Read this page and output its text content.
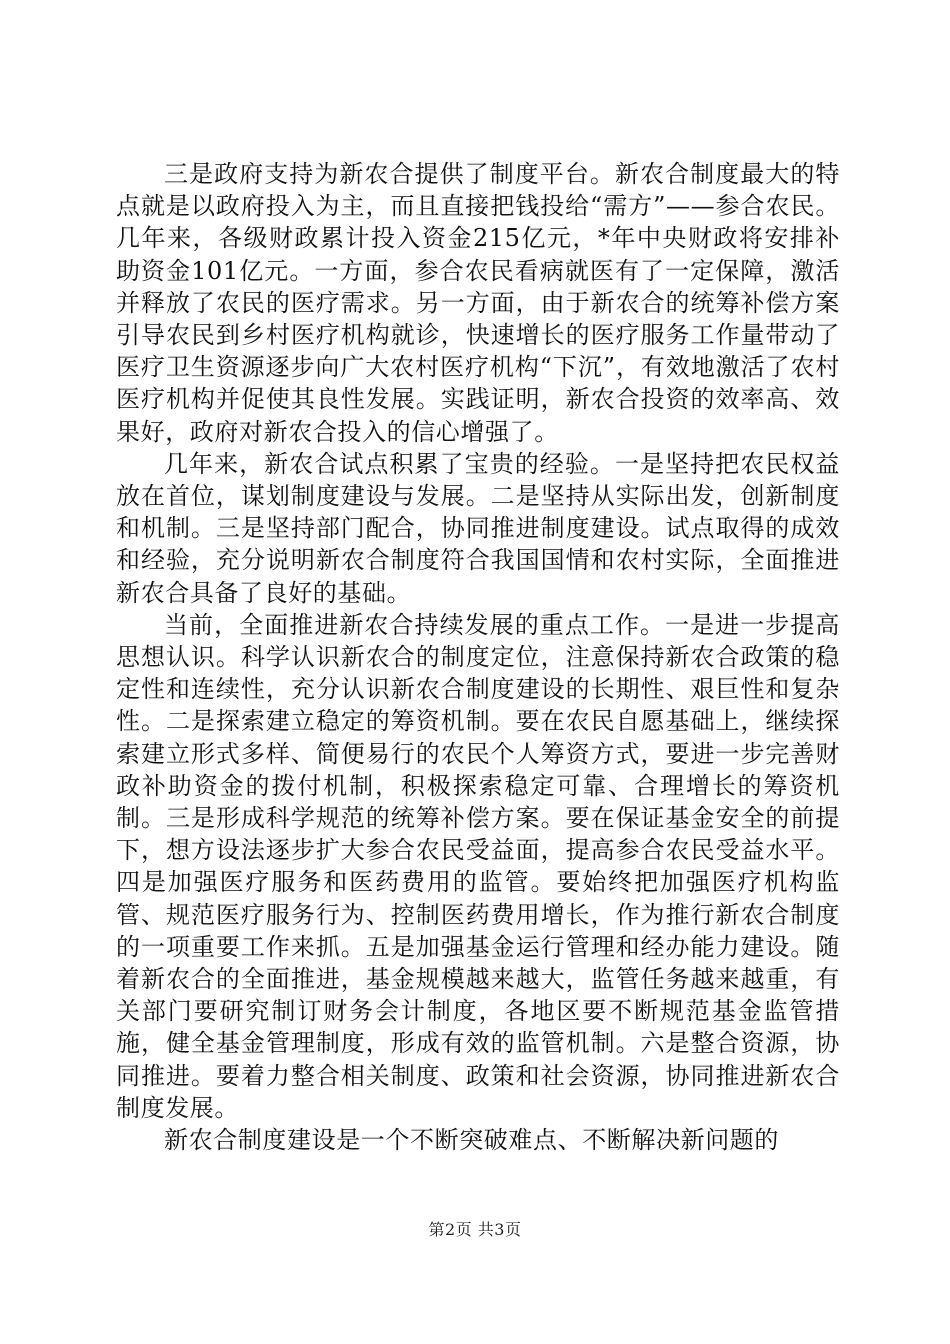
三是政府支持为新农合提供了制度平台。新农合制度最大的特点就是以政府投入为主，而且直接把钱投给“需方”——参合农民。几年来，各级财政累计投入资金215亿元，*年中央财政将安排补助资金101亿元。一方面，参合农民看病就医有了一定保障，激活并释放了农民的医疗需求。另一方面，由于新农合的统筹补偿方案引导农民到乡村医疗机构就诊，快速增长的医疗服务工作量带动了医疗卫生资源逐步向广大农村医疗机构“下沉”，有效地激活了农村医疗机构并促使其良性发展。实践证明，新农合投资的效率高、效果好，政府对新农合投入的信心增强了。

几年来，新农合试点积累了宝贵的经验。一是坚持把农民权益放在首位，谋划制度建设与发展。二是坚持从实际出发，创新制度和机制。三是坚持部门配合，协同推进制度建设。试点取得的成效和经验，充分说明新农合制度符合我国国情和农村实际，全面推进新农合具备了良好的基础。

当前，全面推进新农合持续发展的重点工作。一是进一步提高思想认识。科学认识新农合的制度定位，注意保持新农合政策的稳定性和连续性，充分认识新农合制度建设的长期性、艰巨性和复杂性。二是探索建立稳定的筹资机制。要在农民自愿基础上，继续探索建立形式多样、简便易行的农民个人筹资方式，要进一步完善财政补助资金的拨付机制，积极探索稳定可靠、合理增长的筹资机制。三是形成科学规范的统筹补偿方案。要在保证基金安全的前提下，想方设法逐步扩大参合农民受益面，提高参合农民受益水平。四是加强医疗服务和医药费用的监管。要始终把加强医疗机构监管、规范医疗服务行为、控制医药费用增长，作为推行新农合制度的一项重要工作来抓。五是加强基金运行管理和经办能力建设。随着新农合的全面推进，基金规模越来越大，监管任务越来越重，有关部门要研究制订财务会计制度，各地区要不断规范基金监管措施，健全基金管理制度，形成有效的监管机制。六是整合资源，协同推进。要着力整合相关制度、政策和社会资源，协同推进新农合制度发展。

新农合制度建设是一个不断突破难点、不断解决新问题的

第2页 共3页
